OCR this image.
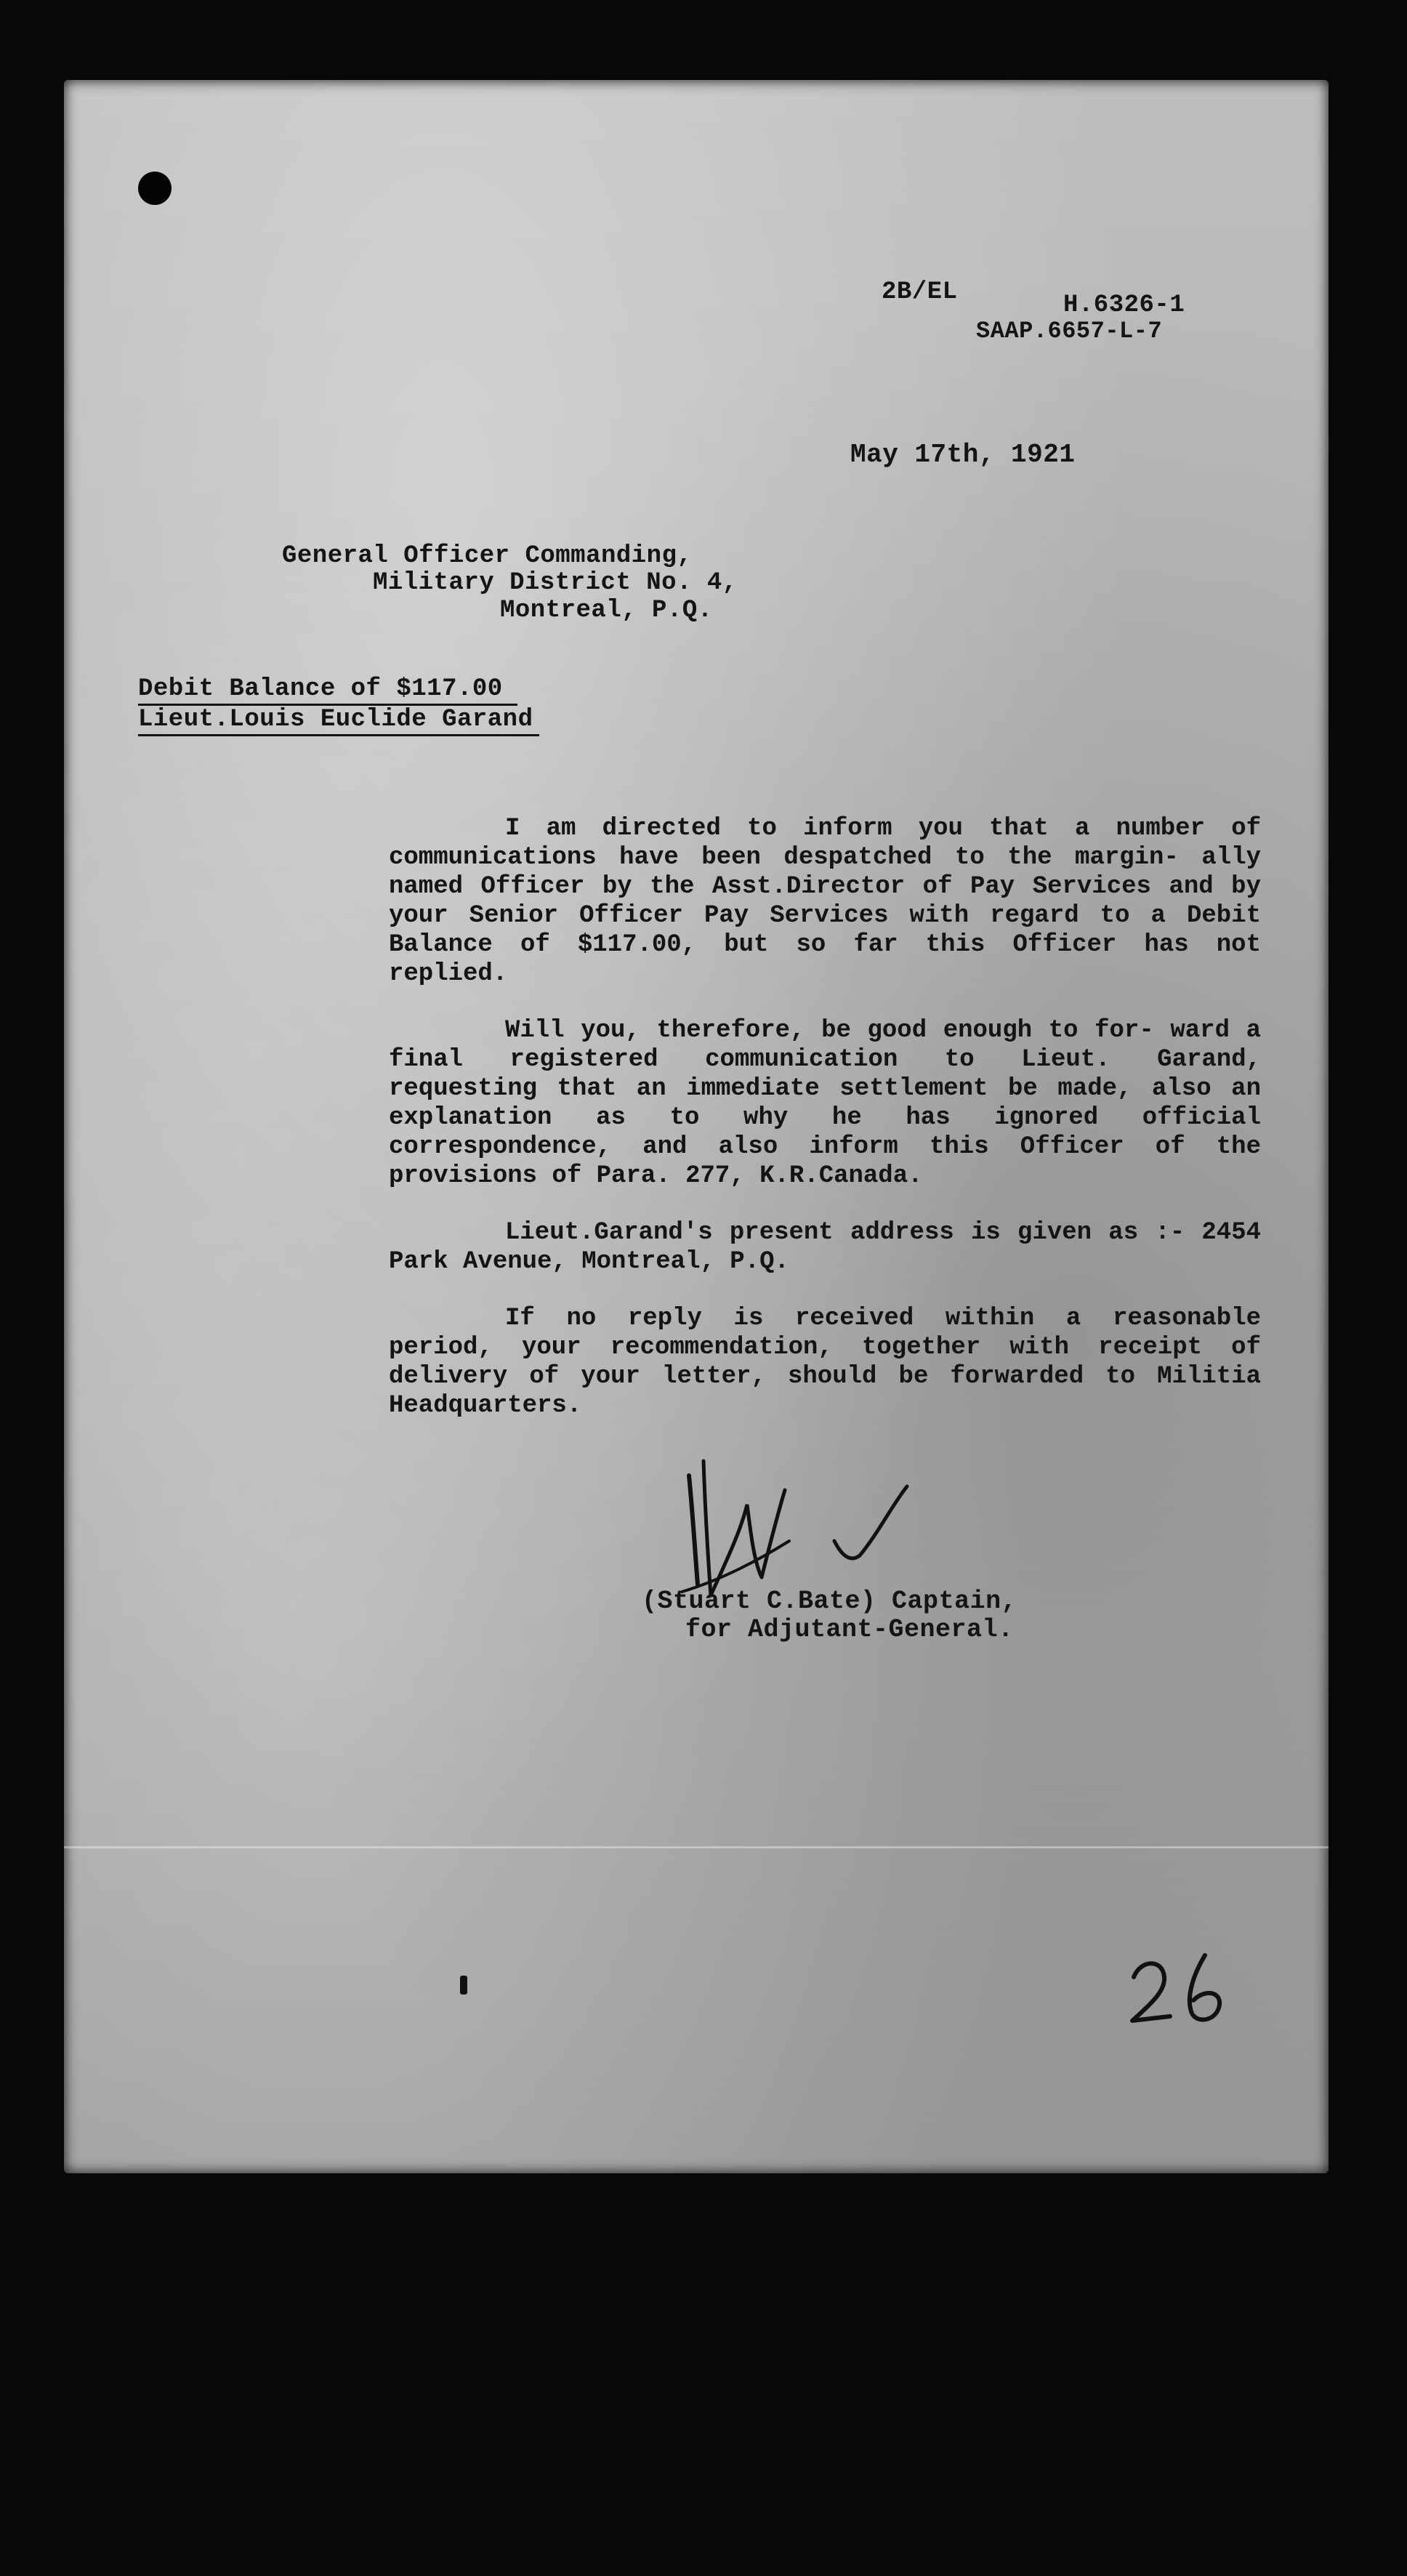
2B/EL	H.6326-1
SAAP.6657-L-7
May 17th, 1921
General Officer Commanding,
Military District No. 4,
Montreal, P.Q.
Debit Balance of $117.00
Lieut.Louis Euclide Garand

I am directed to inform you that a number of communications have been despatched to the margin- ally named Officer by the Asst.Director of Pay Services and by your Senior Officer Pay Services with regard to a Debit Balance of $117.00, but so far this Officer has not replied.

Will you, therefore, be good enough to for- ward a final registered communication to Lieut. Garand, requesting that an immediate settlement be made, also an explanation as to why he has ignored official correspondence, and also inform this Officer of the provisions of Para. 277, K.R.Canada.

Lieut.Garand's present address is given as :- 2454 Park Avenue, Montreal, P.Q.

If no reply is received within a reasonable period, your recommendation, together with receipt of delivery of your letter, should be forwarded to Militia Headquarters.

(Stuart C.Bate) Captain,
for Adjutant-General.
